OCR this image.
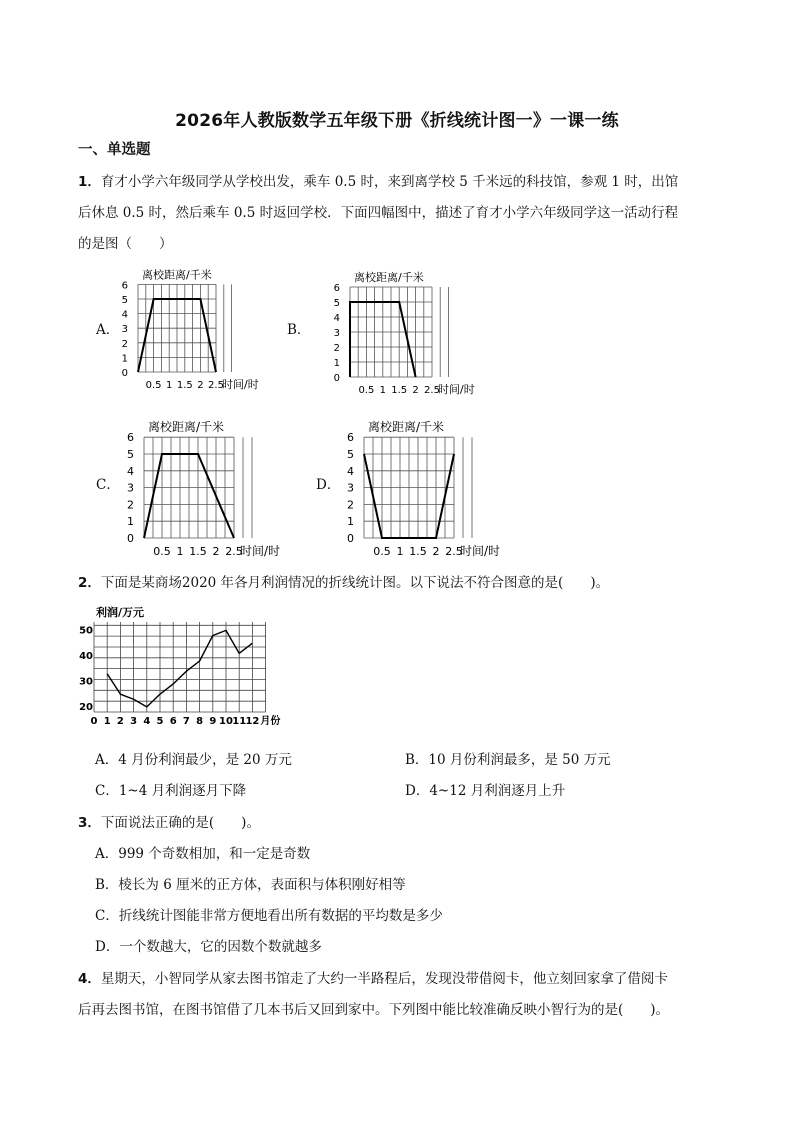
2026年人教版数学五年级下册《折线统计图一》一课一练
一、单选题
1．育才小学六年级同学从学校出发，乘车 0.5 时，来到离学校 5 千米远的科技馆，参观 1 时，出馆
后休息 0.5 时，然后乘车 0.5 时返回学校．下面四幅图中，描述了育才小学六年级同学这一活动行程
的是图（　　）
A．	B．
C．	D．
0
1
2
3
4
5
6
0.5 1 1.5 2 2.5
时间/时
离校距离/千米
0
1
2
3
4
5
6
0.5 1 1.5 2 2.5
时间/时
离校距离/千米
0
1
2
3
4
5
6
0.5 1 1.5 2 2.5
时间/时
离校距离/千米
0
1
2
3
4
5
6
0.5 1 1.5 2 2.5
时间/时
离校距离/千米
2．下面是某商场2020 年各月利润情况的折线统计图。以下说法不符合图意的是(　　)。
20
30
40
50
0 1 2 3 4 5 6 7 8 9 10 11 12 月份
利润/万元
A．4 月份利润最少，是 20 万元	B．10 月份利润最多，是 50 万元
C．1~4 月利润逐月下降	D．4~12 月利润逐月上升
3．下面说法正确的是(　　)。
A．999 个奇数相加，和一定是奇数
B．棱长为 6 厘米的正方体，表面积与体积刚好相等
C．折线统计图能非常方便地看出所有数据的平均数是多少
D．一个数越大，它的因数个数就越多
4．星期天，小智同学从家去图书馆走了大约一半路程后，发现没带借阅卡，他立刻回家拿了借阅卡
后再去图书馆，在图书馆借了几本书后又回到家中。下列图中能比较准确反映小智行为的是(　　)。
